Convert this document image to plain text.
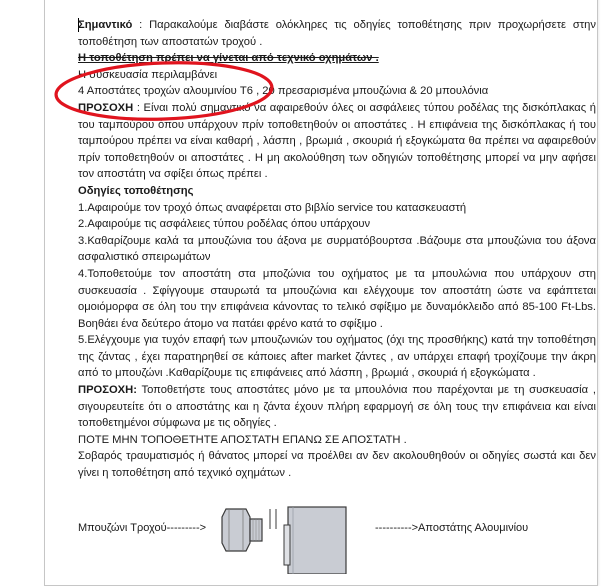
Σημαντικό : Παρακαλούμε διαβάστε ολόκληρες τις οδηγίες τοποθέτησης πριν προχωρήσετε στην τοποθέτηση των αποστατών τροχού .

Η τοποθέτηση πρέπει να γίνεται από τεχνικό οχημάτων .

Η συσκευασία περιλαμβάνει

4 Αποστάτες τροχών αλουμινίου T6 , 20 πρεσαρισμένα μπουζώνια & 20 μπουλόνια

ΠΡΟΣΟΧΗ : Είναι πολύ σημαντικό να αφαιρεθούν όλες οι ασφάλειες τύπου ροδέλας της δισκόπλακας ή του ταμπούρου όπου υπάρχουν πρίν τοποθετηθούν οι αποστάτες . Η επιφάνεια της δισκόπλακας ή του ταμπούρου πρέπει να είναι καθαρή , λάσπη , βρωμιά , σκουριά ή εξογκώματα θα πρέπει να αφαιρεθούν πρίν τοποθετηθούν οι αποστάτες . Η μη ακολούθηση των οδηγιών τοποθέτησης μπορεί να μην αφήσει τον αποστάτη να σφίξει όπως πρέπει .

Οδηγίες τοποθέτησης

1.Αφαιρούμε τον τροχό όπως αναφέρεται στο βιβλίο service του κατασκευαστή

2.Αφαιρούμε τις ασφάλειες τύπου ροδέλας όπου υπάρχουν

3.Καθαρίζουμε καλά τα μπουζώνια του άξονα με συρματόβουρτσα .Βάζουμε στα μπουζώνια του άξονα ασφαλιστικό σπειρωμάτων

4.Τοποθετούμε τον αποστάτη στα μποζώνια του οχήματος με τα μπουλώνια που υπάρχουν στη συσκευασία . Σφίγγουμε σταυρωτά τα μπουζώνια και ελέγχουμε τον αποστάτη ώστε να εφάπτεται ομοιόμορφα σε όλη του την επιφάνεια κάνοντας το τελικό σφίξιμο με δυναμόκλειδο από 85-100 Ft-Lbs. Βοηθάει ένα δεύτερο άτομο να πατάει φρένο κατά το σφίξιμο .

5.Ελέγχουμε για τυχόν επαφή των μπουζωνιών του οχήματος (όχι της προσθήκης) κατά την τοποθέτηση της ζάντας , έχει παρατηρηθεί σε κάποιες after market ζάντες , αν υπάρχει επαφή τροχίζουμε την άκρη από το μπουζώνι .Καθαρίζουμε τις επιφάνειες από λάσπη , βρωμιά , σκουριά ή εξογκώματα .

ΠΡΟΣΟΧΗ: Τοποθετήστε τους αποστάτες μόνο με τα μπουλόνια που παρέχονται με τη συσκευασία , σιγουρευτείτε ότι ο αποστάτης και η ζάντα έχουν πλήρη εφαρμογή σε όλη τους την επιφάνεια και είναι τοποθετημένοι σύμφωνα με τις οδηγίες .

ΠΟΤΕ ΜΗΝ ΤΟΠΟΘΕΤΗΤΕ ΑΠΟΣΤΑΤΗ ΕΠΑΝΩ ΣΕ ΑΠΟΣΤΑΤΗ .

Σοβαρός τραυματισμός ή θάνατος μπορεί να προέλθει αν δεν ακολουθηθούν οι οδηγίες σωστά και δεν γίνει η τοποθέτηση από τεχνικό οχημάτων .

Μπουζώνι Τροχού--------->	---------->Αποστάτης Αλουμινίου
